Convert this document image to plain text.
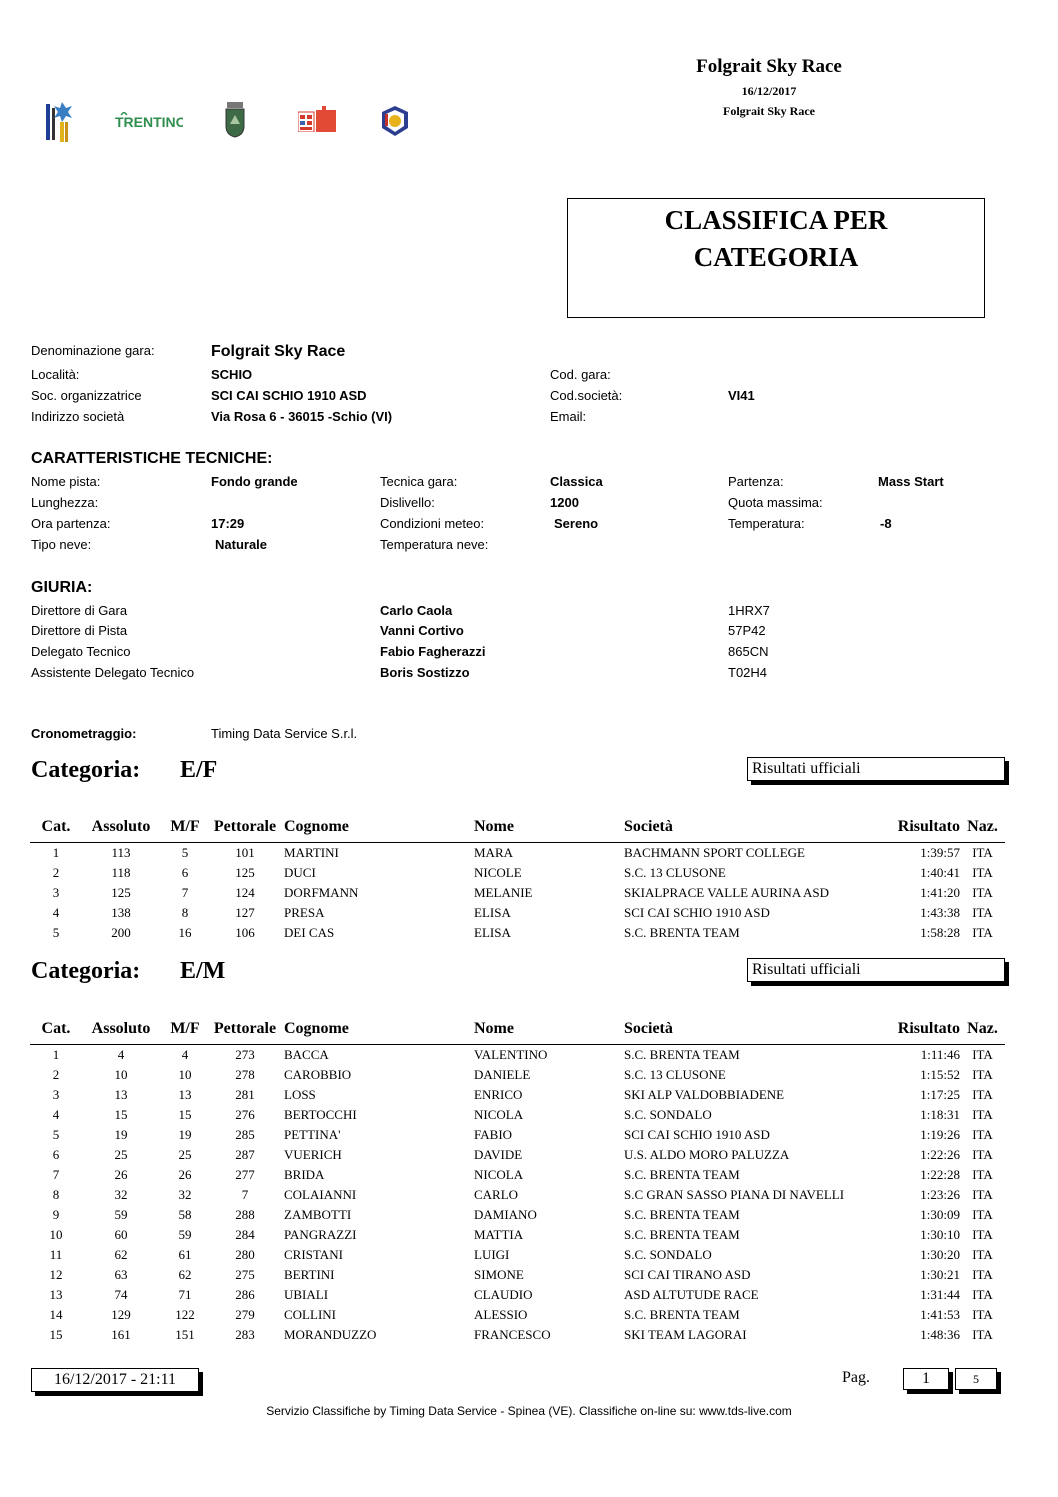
Folgrait Sky Race
16/12/2017
Folgrait Sky Race
TRENTINO
CLASSIFICA PER
CATEGORIA
Denominazione gara:	Folgrait Sky Race
Località:	SCHIO	Cod. gara:
Soc. organizzatrice	SCI CAI SCHIO 1910 ASD	Cod.società:	VI41
Indirizzo società	Via Rosa 6 - 36015 -Schio (VI)	Email:
CARATTERISTICHE TECNICHE:
Nome pista:	Fondo grande	Tecnica gara:	Classica	Partenza:	Mass Start
Lunghezza:	Dislivello:	1200	Quota massima:
Ora partenza:	17:29	Condizioni meteo:	Sereno	Temperatura:	-8
Tipo neve:	Naturale	Temperatura neve:
GIURIA:
Direttore di Gara	Carlo Caola	1HRX7
Direttore di Pista	Vanni Cortivo	57P42
Delegato Tecnico	Fabio Fagherazzi	865CN
Assistente Delegato Tecnico	Boris Sostizzo	T02H4
Cronometraggio:	Timing Data Service S.r.l.
Categoria: E/F	Risultati ufficiali
Cat.	Assoluto	M/F	Pettorale	Cognome	Nome	Società	Risultato	Naz.
1	113	5	101	MARTINI	MARA	BACHMANN SPORT COLLEGE	1:39:57	ITA
2	118	6	125	DUCI	NICOLE	S.C. 13 CLUSONE	1:40:41	ITA
3	125	7	124	DORFMANN	MELANIE	SKIALPRACE VALLE AURINA ASD	1:41:20	ITA
4	138	8	127	PRESA	ELISA	SCI CAI SCHIO 1910 ASD	1:43:38	ITA
5	200	16	106	DEI CAS	ELISA	S.C. BRENTA TEAM	1:58:28	ITA
Categoria: E/M	Risultati ufficiali
Cat.	Assoluto	M/F	Pettorale	Cognome	Nome	Società	Risultato	Naz.
1	4	4	273	BACCA	VALENTINO	S.C. BRENTA TEAM	1:11:46	ITA
2	10	10	278	CAROBBIO	DANIELE	S.C. 13 CLUSONE	1:15:52	ITA
3	13	13	281	LOSS	ENRICO	SKI ALP VALDOBBIADENE	1:17:25	ITA
4	15	15	276	BERTOCCHI	NICOLA	S.C. SONDALO	1:18:31	ITA
5	19	19	285	PETTINA'	FABIO	SCI CAI SCHIO 1910 ASD	1:19:26	ITA
6	25	25	287	VUERICH	DAVIDE	U.S. ALDO MORO PALUZZA	1:22:26	ITA
7	26	26	277	BRIDA	NICOLA	S.C. BRENTA TEAM	1:22:28	ITA
8	32	32	7	COLAIANNI	CARLO	S.C GRAN SASSO PIANA DI NAVELLI	1:23:26	ITA
9	59	58	288	ZAMBOTTI	DAMIANO	S.C. BRENTA TEAM	1:30:09	ITA
10	60	59	284	PANGRAZZI	MATTIA	S.C. BRENTA TEAM	1:30:10	ITA
11	62	61	280	CRISTANI	LUIGI	S.C. SONDALO	1:30:20	ITA
12	63	62	275	BERTINI	SIMONE	SCI CAI TIRANO ASD	1:30:21	ITA
13	74	71	286	UBIALI	CLAUDIO	ASD ALTUTUDE RACE	1:31:44	ITA
14	129	122	279	COLLINI	ALESSIO	S.C. BRENTA TEAM	1:41:53	ITA
15	161	151	283	MORANDUZZO	FRANCESCO	SKI TEAM LAGORAI	1:48:36	ITA
16/12/2017 - 21:11	Pag.	1	5
Servizio Classifiche by Timing Data Service - Spinea (VE). Classifiche on-line su: www.tds-live.com
